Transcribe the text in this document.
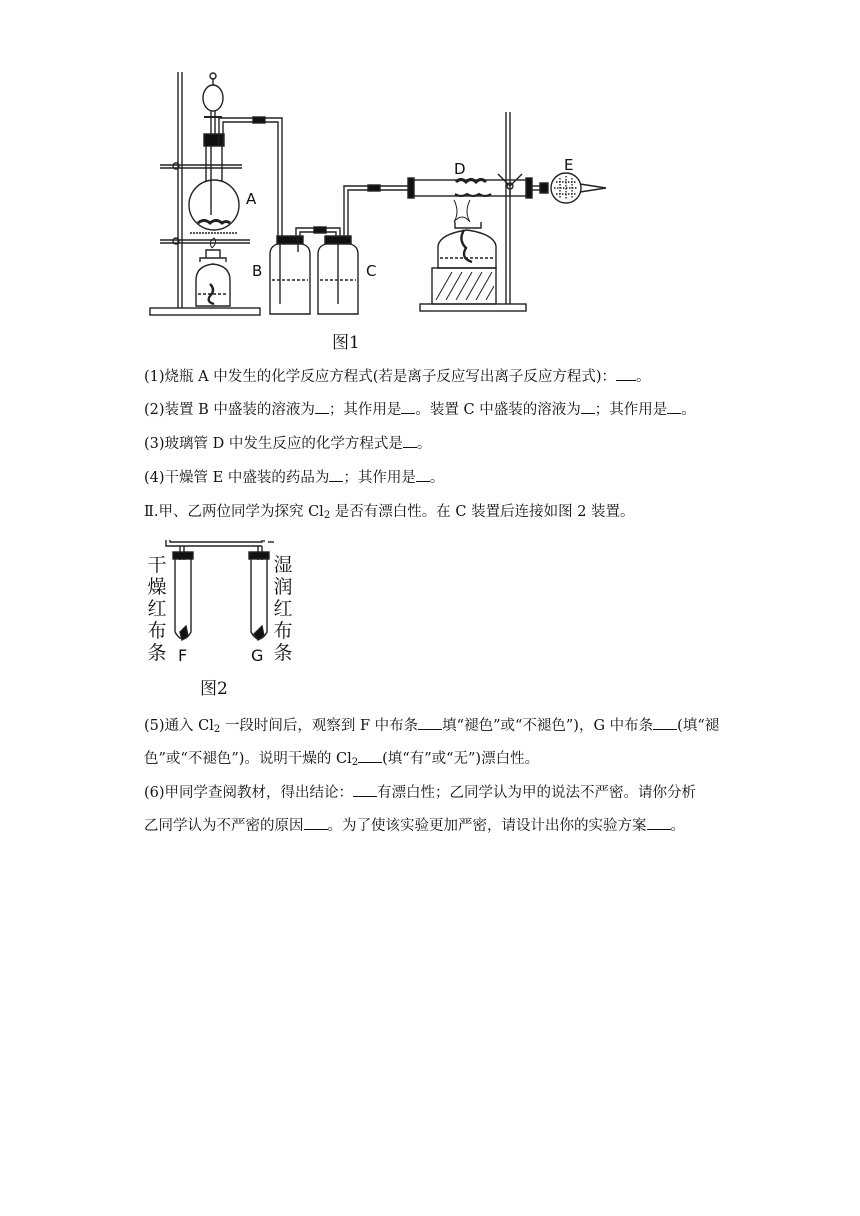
A
B	C
D	E
图1
(1)烧瓶 A 中发生的化学反应方程式(若是离子反应写出离子反应方程式)： 。
(2)装置 B 中盛装的溶液为 ；其作用是 。装置 C 中盛装的溶液为 ；其作用是 。
(3)玻璃管 D 中发生反应的化学方程式是 。
(4)干燥管 E 中盛装的药品为 ；其作用是 。
Ⅱ.甲、乙两位同学为探究 $Cl_2$ 是否有漂白性。在 C 装置后连接如图 2 装置。
干
燥
红
布
条
湿
润
红
布
条
F	G
图2
(5)通入 $Cl_2$ 一段时间后，观察到 F 中布条 填“褪色”或“不褪色”)，G 中布条 (填“褪
色”或“不褪色”)。说明干燥的 $Cl_2$ (填“有”或“无”)漂白性。
(6)甲同学查阅教材，得出结论： 有漂白性；乙同学认为甲的说法不严密。请你分析
乙同学认为不严密的原因 。为了使该实验更加严密，请设计出你的实验方案 。
